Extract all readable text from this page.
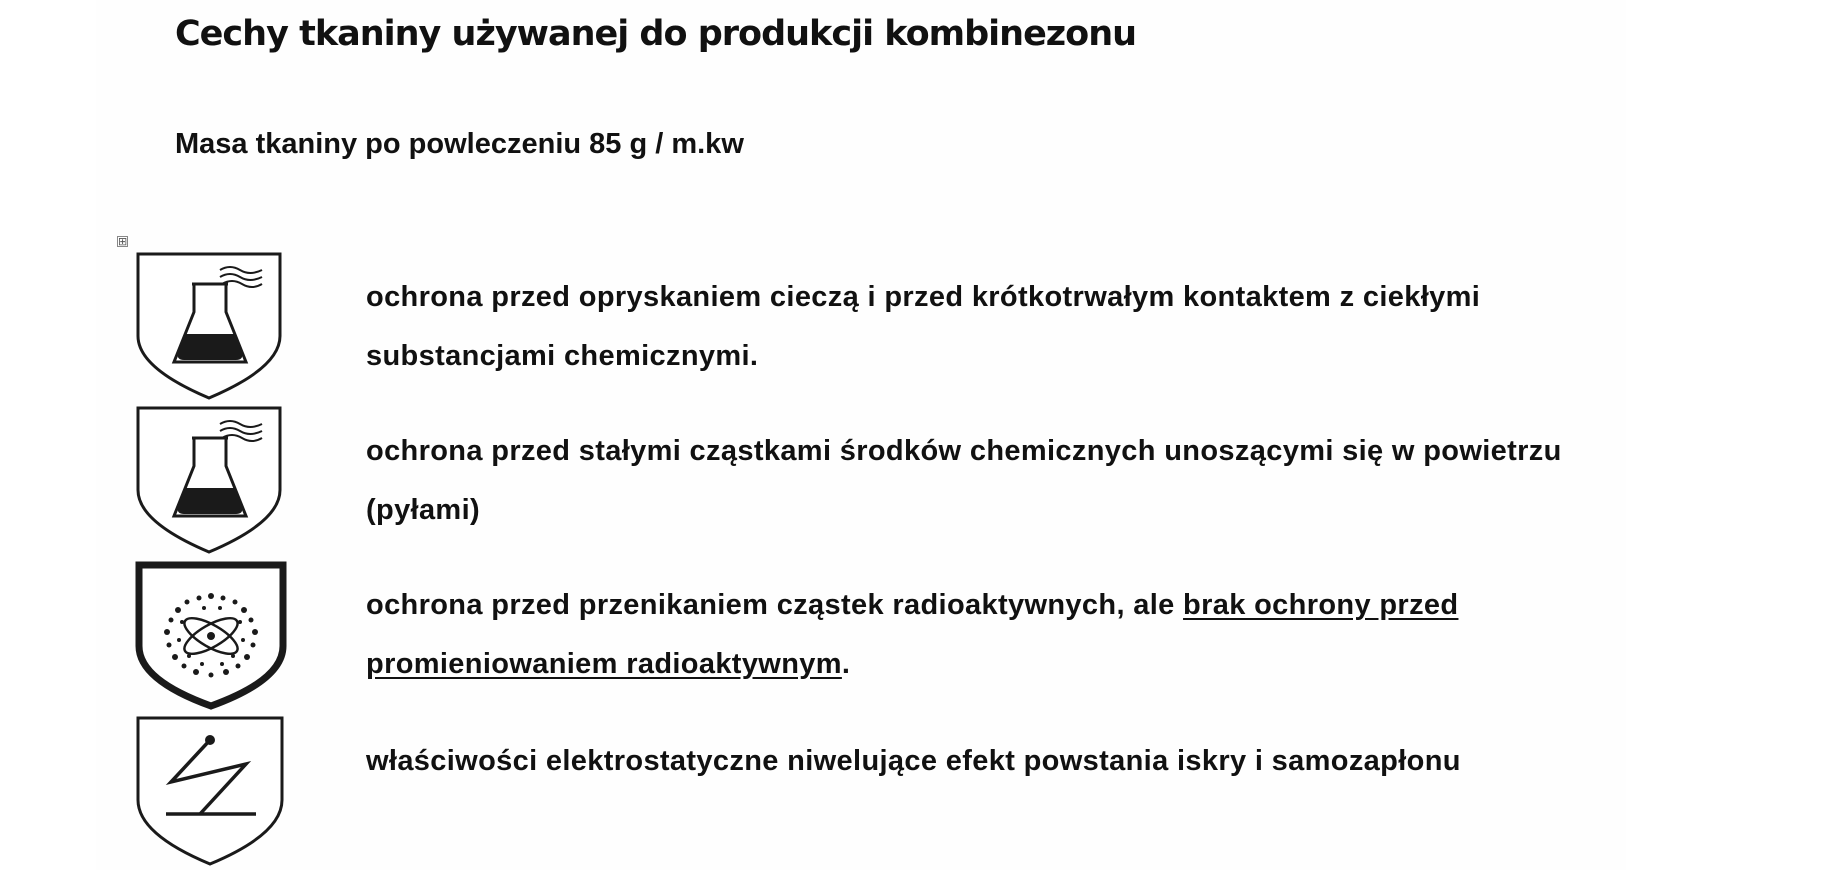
Cechy tkaniny używanej do produkcji kombinezonu
Masa tkaniny po powleczeniu 85 g / m.kw
⊞

ochrona przed opryskaniem cieczą i przed krótkotrwałym kontaktem z ciekłymi substancjami chemicznymi.

ochrona przed stałymi cząstkami środków chemicznych unoszącymi się w powietrzu (pyłami)

ochrona przed przenikaniem cząstek radioaktywnych, ale brak ochrony przed promieniowaniem radioaktywnym.

właściwości elektrostatyczne niwelujące efekt powstania iskry i samozapłonu
